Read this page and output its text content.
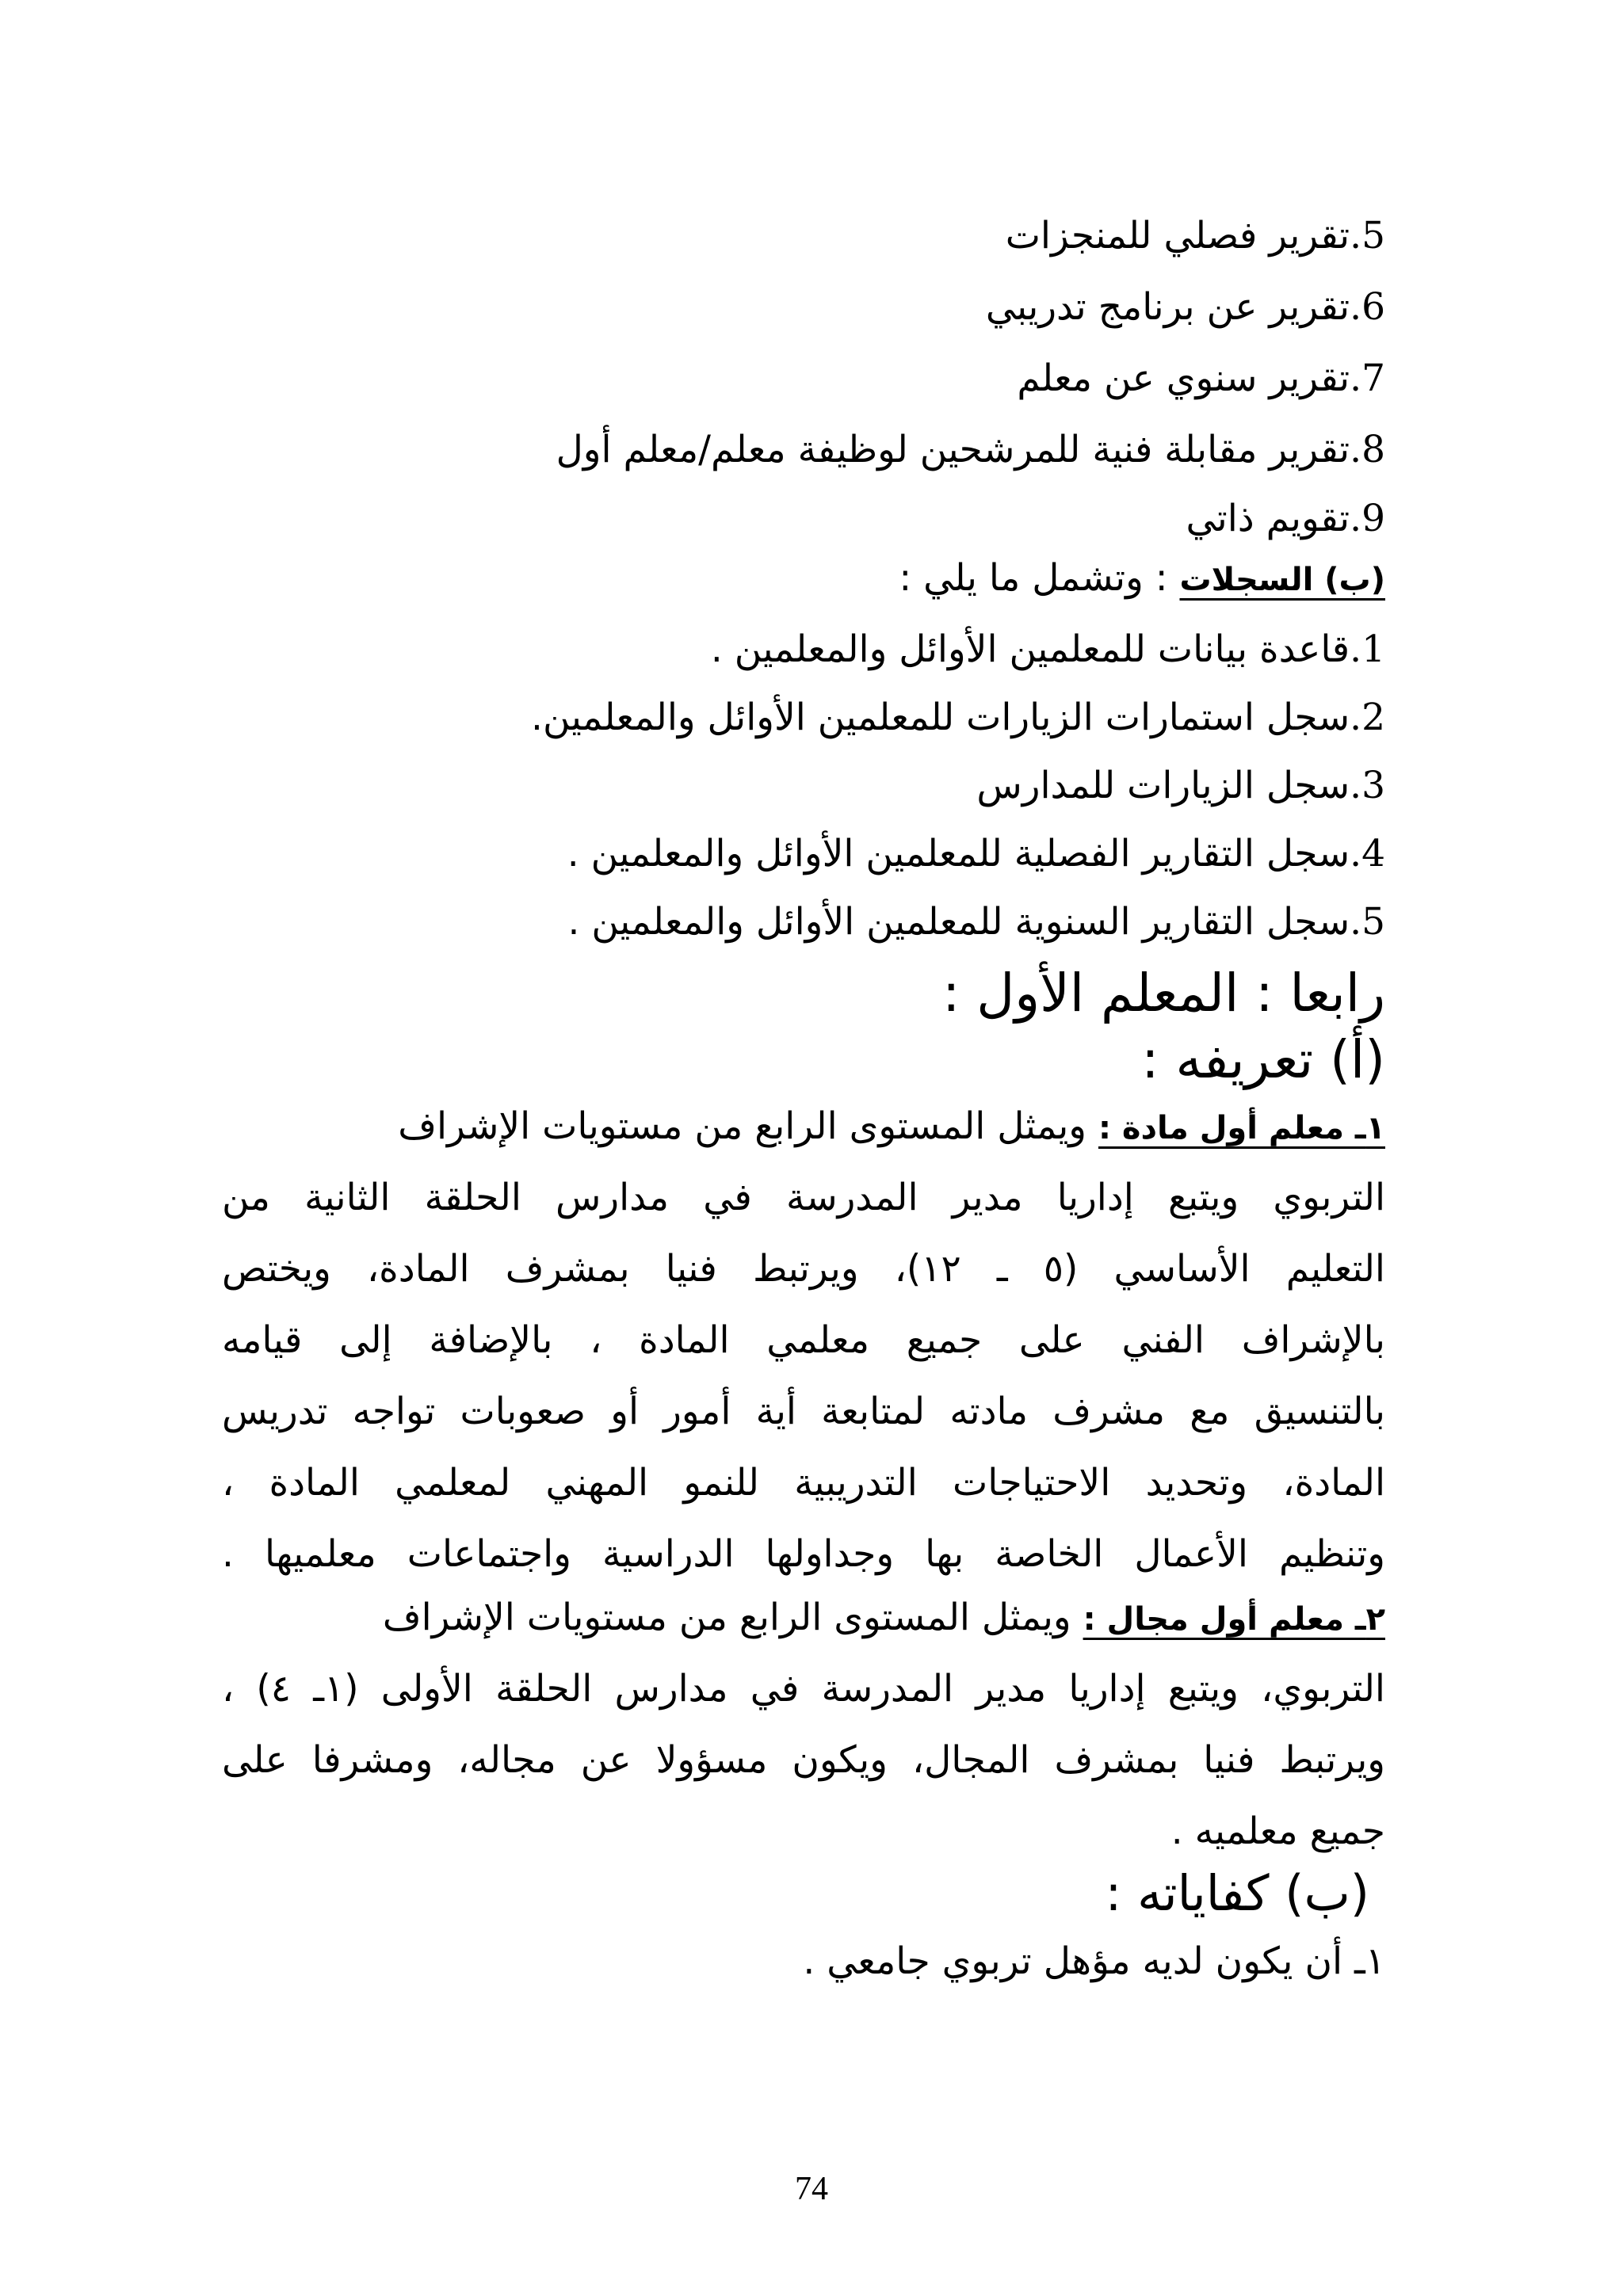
5.تقرير فصلي للمنجزات
6.تقرير عن برنامج تدريبي
7.تقرير سنوي عن معلم
8.تقرير مقابلة فنية للمرشحين لوظيفة معلم/معلم أول
9.تقويم ذاتي
(ب) السجلات : وتشمل ما يلي :
1.قاعدة بيانات للمعلمين الأوائل والمعلمين .
2.سجل استمارات الزيارات للمعلمين الأوائل والمعلمين.
3.سجل الزيارات للمدارس
4.سجل التقارير الفصلية للمعلمين الأوائل والمعلمين .
5.سجل التقارير السنوية للمعلمين الأوائل والمعلمين .
رابعا : المعلم الأول :
(أ) تعريفه :
١ـ معلم أول مادة : ويمثل المستوى الرابع من مستويات الإشراف
التربوي ويتبع إداريا مدير المدرسة في مدارس الحلقة الثانية من
التعليم الأساسي (٥ ـ ١٢)، ويرتبط فنيا بمشرف المادة، ويختص
بالإشراف الفني على جميع معلمي المادة ، بالإضافة إلى قيامه
بالتنسيق مع مشرف مادته لمتابعة أية أمور أو صعوبات تواجه تدريس
المادة، وتحديد الاحتياجات التدريبية للنمو المهني لمعلمي المادة ،
وتنظيم الأعمال الخاصة بها وجداولها الدراسية واجتماعات معلميها .
٢ـ معلم أول مجال : ويمثل المستوى الرابع من مستويات الإشراف
التربوي، ويتبع إداريا مدير المدرسة في مدارس الحلقة الأولى (١ـ ٤) ،
ويرتبط فنيا بمشرف المجال، ويكون مسؤولا عن مجاله، ومشرفا على
جميع معلميه .
(ب) كفاياته :
١ـ أن يكون لديه مؤهل تربوي جامعي .
74
